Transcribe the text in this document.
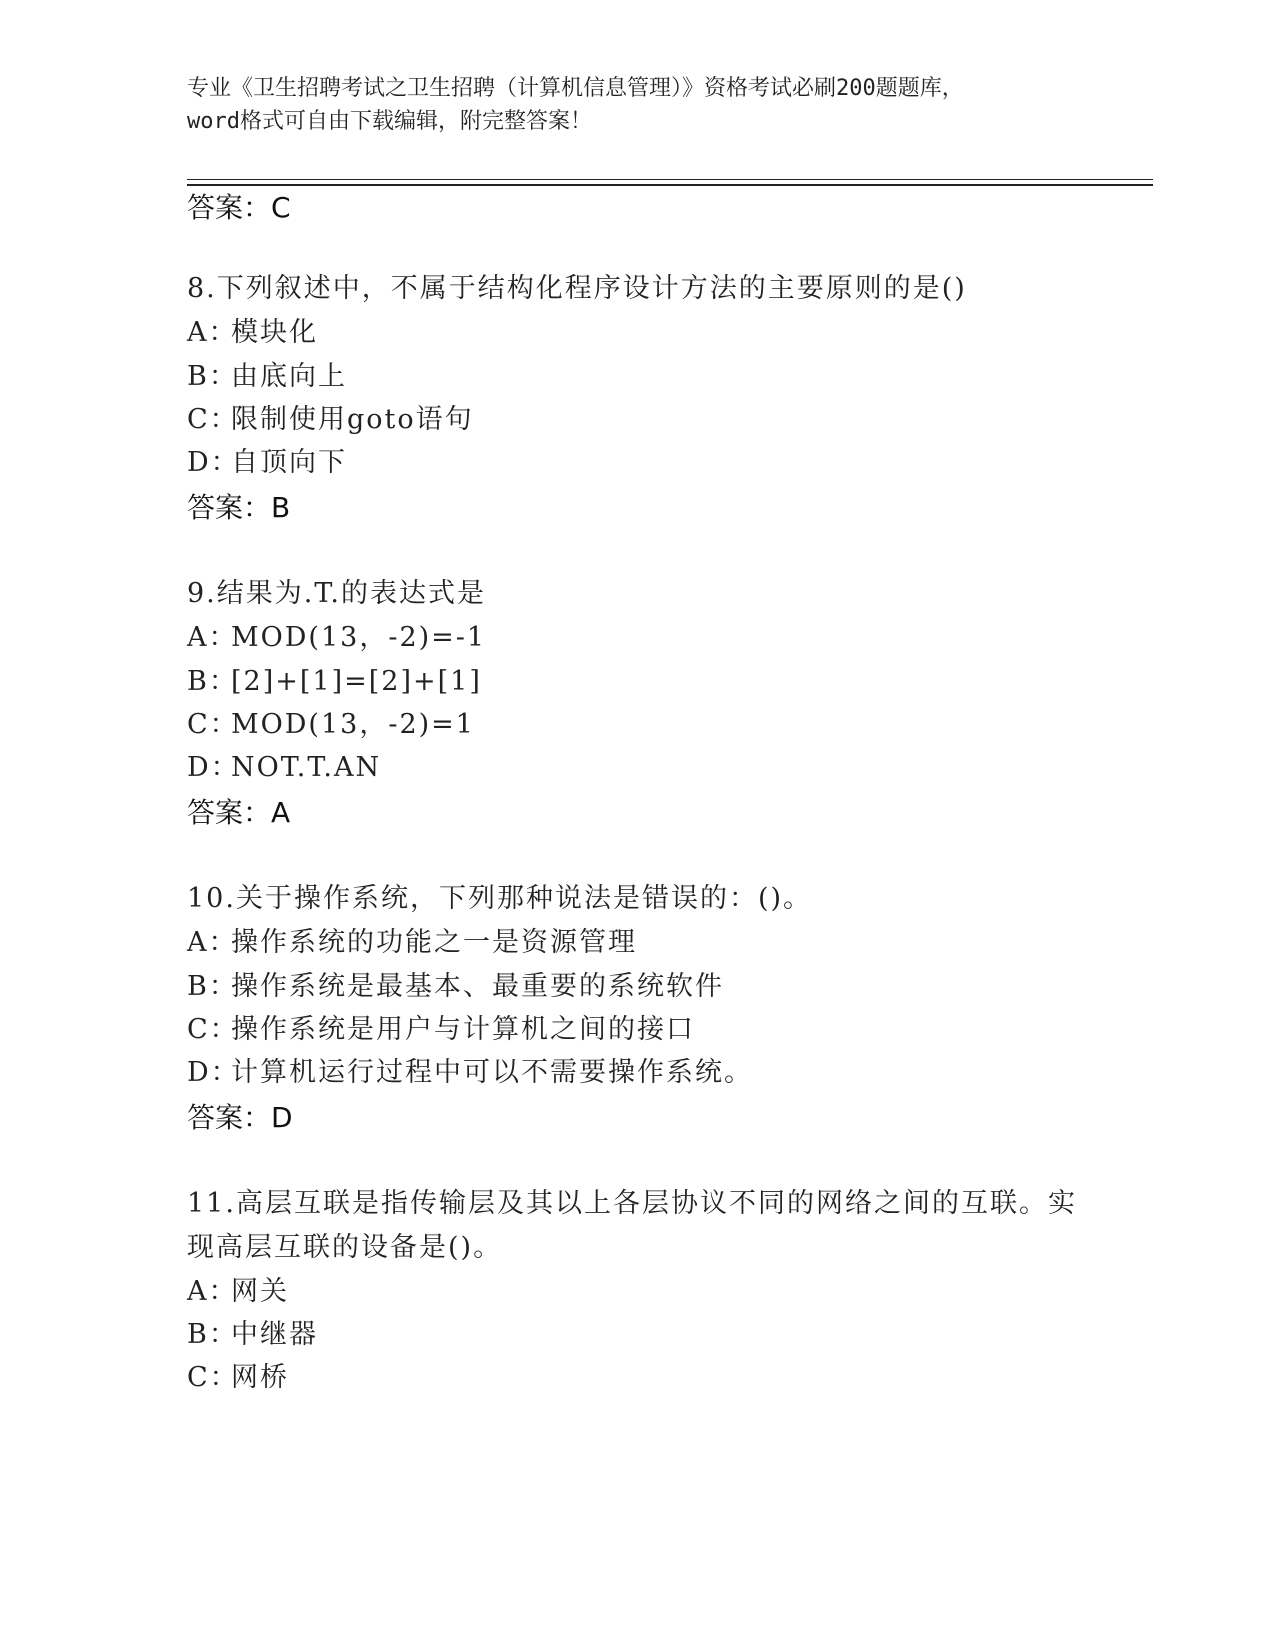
专业《卫生招聘考试之卫生招聘（计算机信息管理）》资格考试必刷200题题库，
word格式可自由下载编辑，附完整答案！
答案：C
8.下列叙述中，不属于结构化程序设计方法的主要原则的是()
A：模块化
B：由底向上
C：限制使用goto语句
D：自顶向下
答案：B
9.结果为.T.的表达式是
A：MOD(13，-2)=-1
B：[2]+[1]=[2]+[1]
C：MOD(13，-2)=1
D：NOT.T.AN
答案：A
10.关于操作系统，下列那种说法是错误的：()。
A：操作系统的功能之一是资源管理
B：操作系统是最基本、最重要的系统软件
C：操作系统是用户与计算机之间的接口
D：计算机运行过程中可以不需要操作系统。
答案：D
11.高层互联是指传输层及其以上各层协议不同的网络之间的互联。实
现高层互联的设备是()。
A：网关
B：中继器
C：网桥
